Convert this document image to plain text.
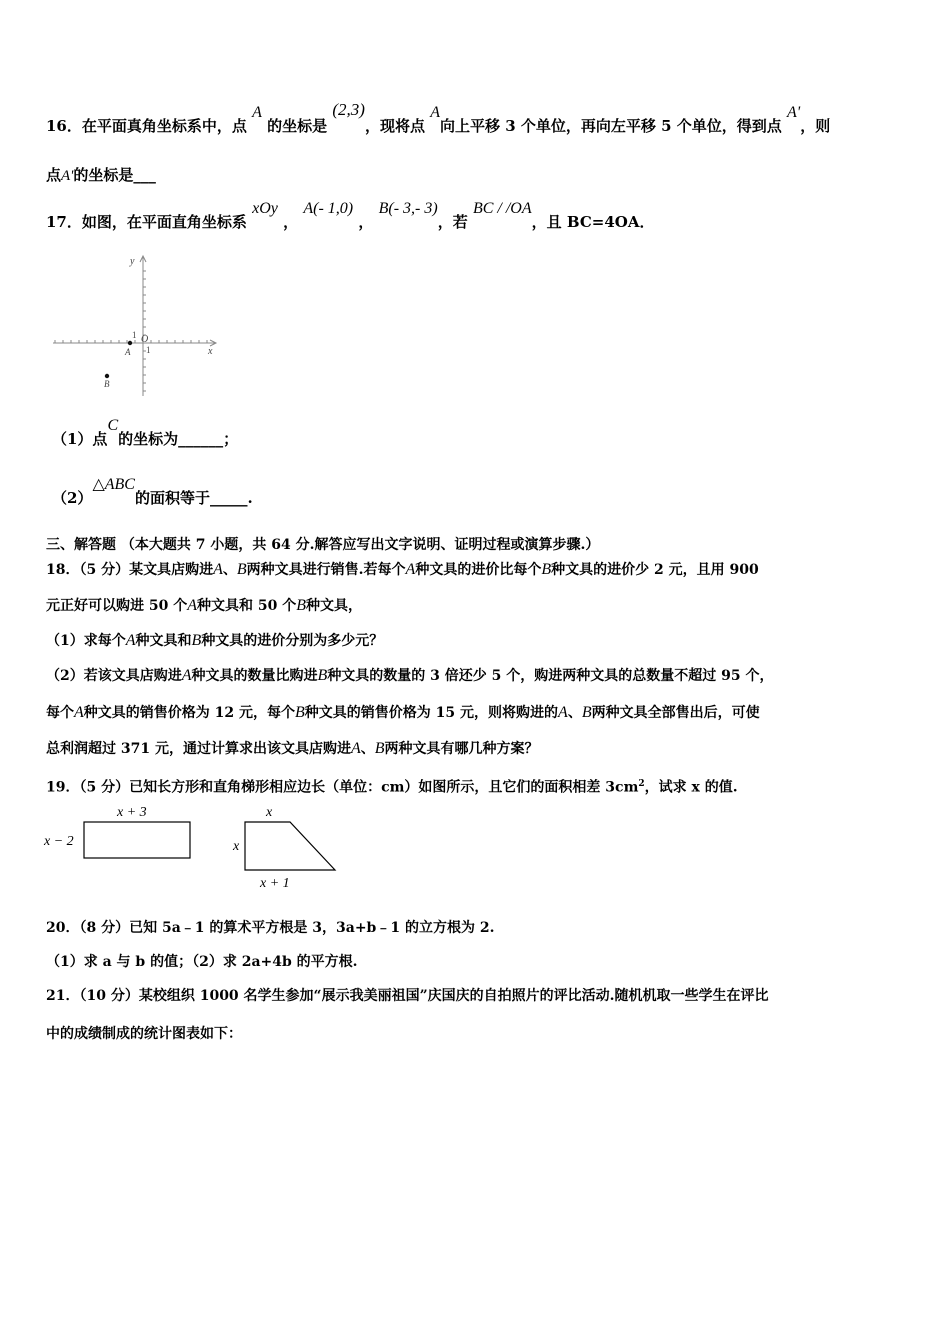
16．在平面真角坐标系中，点 A 的坐标是 (2,3)，现将点 A向上平移 3 个单位，再向左平移 5 个单位，得到点 A'，则
点A'的坐标是___
17．如图，在平面直角坐标系 xOy ， A(- 1,0) ， B(- 3,- 3)，若 BC / /OA，且 BC=4OA．
y
x
1 O
1
A
B
（1）点C的坐标为______；
（2）△ABC的面积等于_____.
三、解答题 （本大题共 7 小题，共 64 分.解答应写出文字说明、证明过程或演算步骤.）
18．（5 分）某文具店购进A、B两种文具进行销售.若每个A种文具的进价比每个B种文具的进价少 2 元，且用 900
元正好可以购进 50 个A种文具和 50 个B种文具，
（1）求每个A种文具和B种文具的进价分别为多少元？
（2）若该文具店购进A种文具的数量比购进B种文具的数量的 3 倍还少 5 个，购进两种文具的总数量不超过 95 个，
每个A种文具的销售价格为 12 元，每个B种文具的销售价格为 15 元，则将购进的A、B两种文具全部售出后，可使
总利润超过 371 元，通过计算求出该文具店购进A、B两种文具有哪几种方案？
19．（5 分）已知长方形和直角梯形相应边长（单位：cm）如图所示，且它们的面积相差 $3cm^2$，试求 x 的值.
x + 3
x − 2
x
x
x + 1
20．（8 分）已知 5a﹣1 的算术平方根是 3，3a+b﹣1 的立方根为 2.
（1）求 a 与 b 的值；（2）求 2a+4b 的平方根.
21．（10 分）某校组织 1000 名学生参加“展示我美丽祖国”庆国庆的自拍照片的评比活动.随机机取一些学生在评比
中的成绩制成的统计图表如下：
